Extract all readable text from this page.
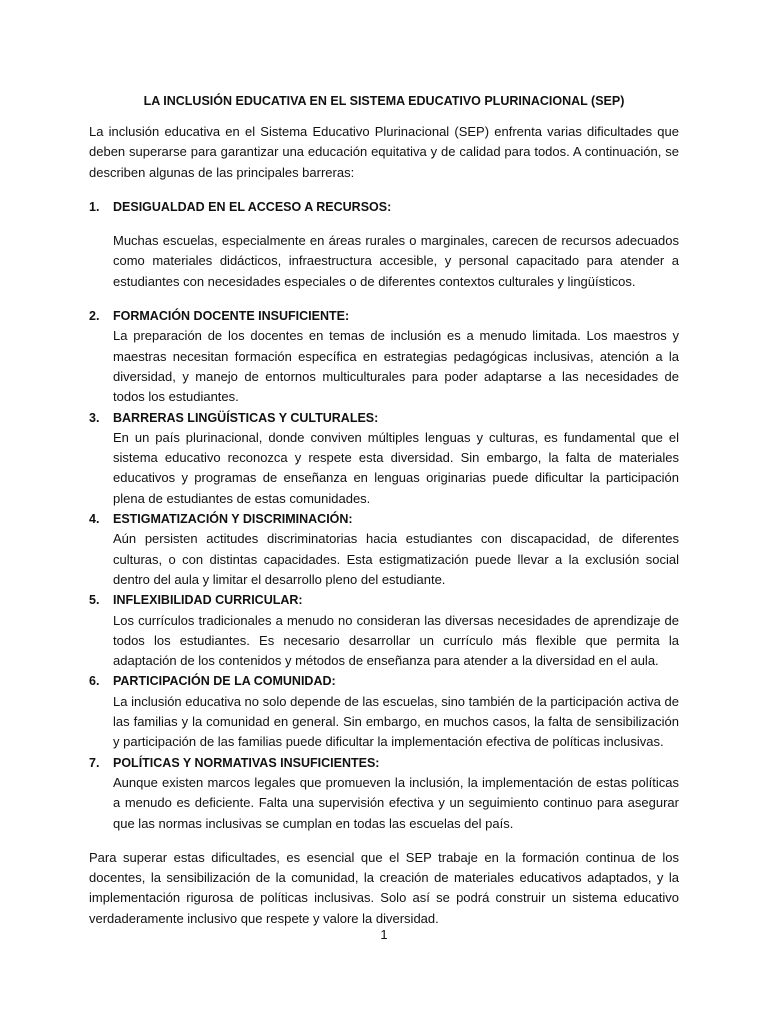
LA INCLUSIÓN EDUCATIVA EN EL SISTEMA EDUCATIVO PLURINACIONAL (SEP)

La inclusión educativa en el Sistema Educativo Plurinacional (SEP) enfrenta varias dificultades que deben superarse para garantizar una educación equitativa y de calidad para todos. A continuación, se describen algunas de las principales barreras:

1. DESIGUALDAD EN EL ACCESO A RECURSOS:

Muchas escuelas, especialmente en áreas rurales o marginales, carecen de recursos adecuados como materiales didácticos, infraestructura accesible, y personal capacitado para atender a estudiantes con necesidades especiales o de diferentes contextos culturales y lingüísticos.

2. FORMACIÓN DOCENTE INSUFICIENTE:

La preparación de los docentes en temas de inclusión es a menudo limitada. Los maestros y maestras necesitan formación específica en estrategias pedagógicas inclusivas, atención a la diversidad, y manejo de entornos multiculturales para poder adaptarse a las necesidades de todos los estudiantes.

3. BARRERAS LINGÜÍSTICAS Y CULTURALES:

En un país plurinacional, donde conviven múltiples lenguas y culturas, es fundamental que el sistema educativo reconozca y respete esta diversidad. Sin embargo, la falta de materiales educativos y programas de enseñanza en lenguas originarias puede dificultar la participación plena de estudiantes de estas comunidades.

4. ESTIGMATIZACIÓN Y DISCRIMINACIÓN:

Aún persisten actitudes discriminatorias hacia estudiantes con discapacidad, de diferentes culturas, o con distintas capacidades. Esta estigmatización puede llevar a la exclusión social dentro del aula y limitar el desarrollo pleno del estudiante.

5. INFLEXIBILIDAD CURRICULAR:

Los currículos tradicionales a menudo no consideran las diversas necesidades de aprendizaje de todos los estudiantes. Es necesario desarrollar un currículo más flexible que permita la adaptación de los contenidos y métodos de enseñanza para atender a la diversidad en el aula.

6. PARTICIPACIÓN DE LA COMUNIDAD:

La inclusión educativa no solo depende de las escuelas, sino también de la participación activa de las familias y la comunidad en general. Sin embargo, en muchos casos, la falta de sensibilización y participación de las familias puede dificultar la implementación efectiva de políticas inclusivas.

7. POLÍTICAS Y NORMATIVAS INSUFICIENTES:

Aunque existen marcos legales que promueven la inclusión, la implementación de estas políticas a menudo es deficiente. Falta una supervisión efectiva y un seguimiento continuo para asegurar que las normas inclusivas se cumplan en todas las escuelas del país.

Para superar estas dificultades, es esencial que el SEP trabaje en la formación continua de los docentes, la sensibilización de la comunidad, la creación de materiales educativos adaptados, y la implementación rigurosa de políticas inclusivas. Solo así se podrá construir un sistema educativo verdaderamente inclusivo que respete y valore la diversidad.

1
